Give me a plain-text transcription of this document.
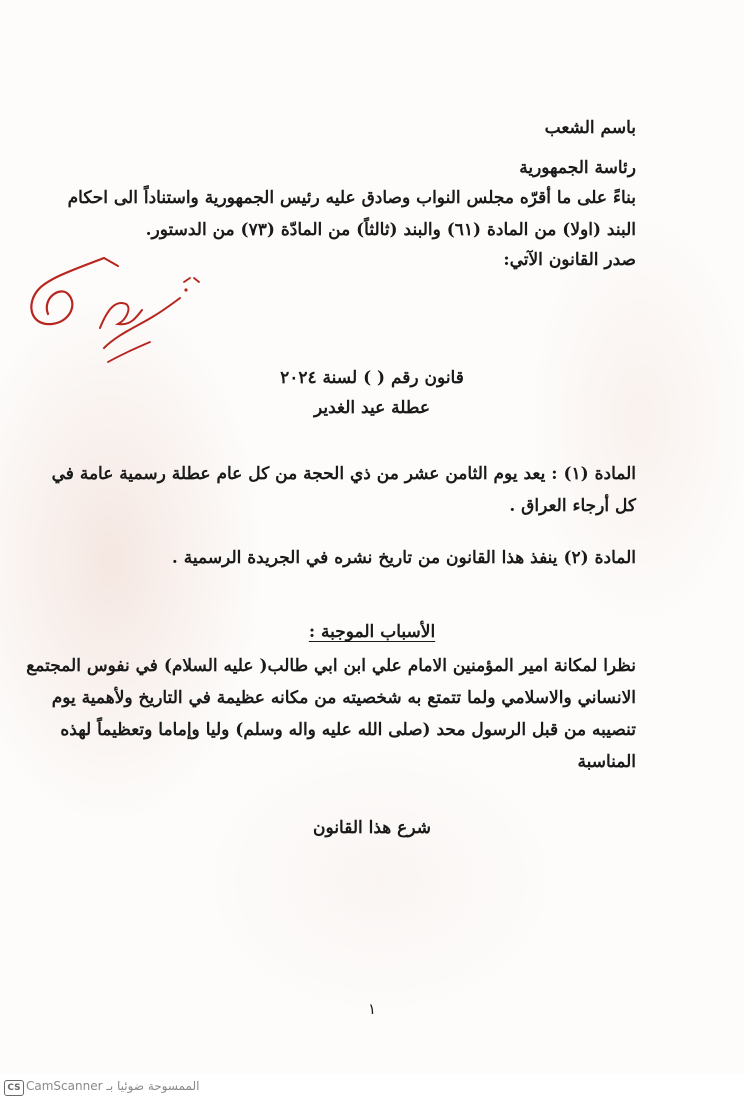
باسم الشعب
رئاسة الجمهورية
بناءً على ما أقرّه مجلس النواب وصادق عليه رئيس الجمهورية واستناداً الى احكام
البند (اولا) من المادة (٦١) والبند (ثالثاً) من المادّة (٧٣) من الدستور.
صدر القانون الآتي:
قانون رقم ( ) لسنة ٢٠٢٤
عطلة عيد الغدير
المادة (١) : يعد يوم الثامن عشر من ذي الحجة من كل عام عطلة رسمية عامة في
كل أرجاء العراق .
المادة (٢) ينفذ هذا القانون من تاريخ نشره في الجريدة الرسمية .
الأسباب الموجبة :
نظرا لمكانة امير المؤمنين الامام علي ابن ابي طالب( عليه السلام) في نفوس المجتمع
الانساني والاسلامي ولما تتمتع به شخصيته من مكانه عظيمة في التاريخ ولأهمية يوم
تنصيبه من قبل الرسول محد (صلى الله عليه واله وسلم) وليا وإماما وتعظيماً لهذه
المناسبة
شرع هذا القانون
١
CS CamScanner الممسوحة ضوئيا بـ
